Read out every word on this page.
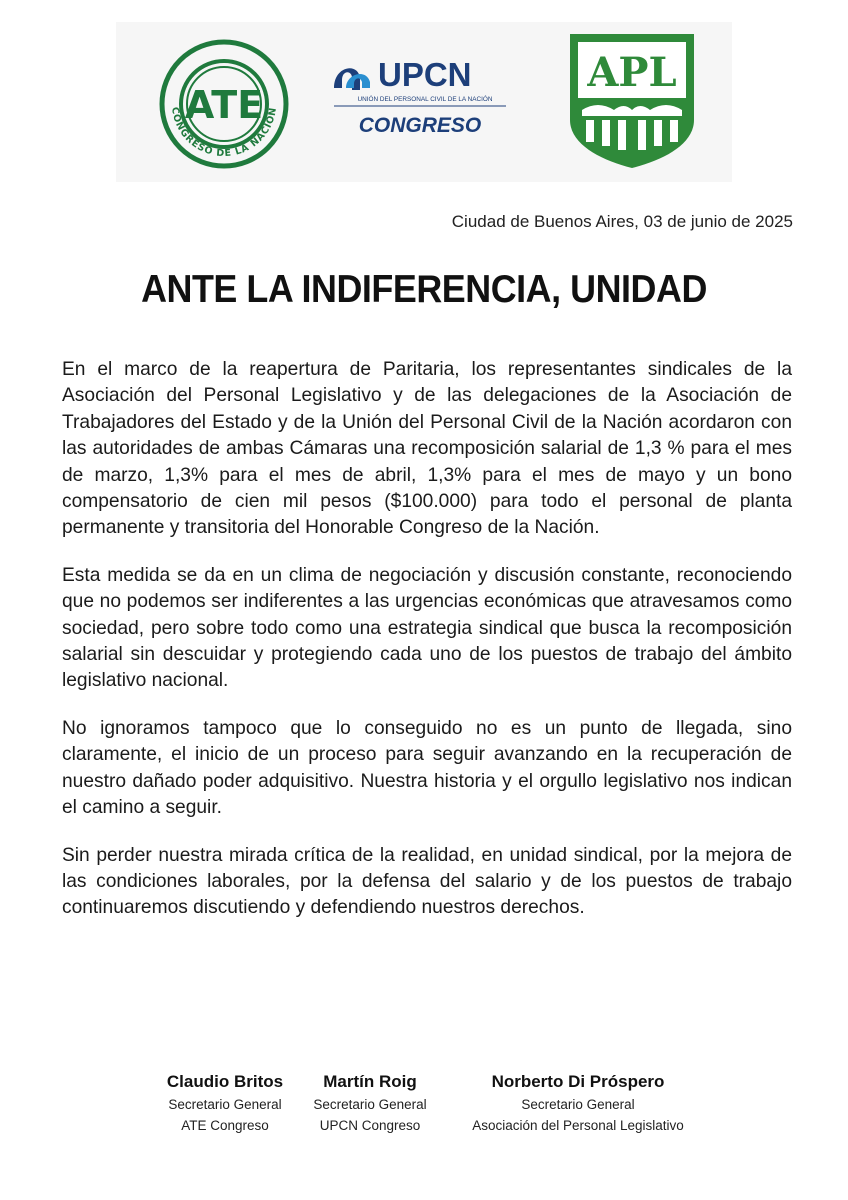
ATE
CONGRESO DE LA NACIÓN
UPCN
UNIÓN DEL PERSONAL CIVIL DE LA NACIÓN
CONGRESO
APL
Ciudad de Buenos Aires, 03 de junio de 2025
ANTE LA INDIFERENCIA, UNIDAD

En el marco de la reapertura de Paritaria, los representantes sindicales de la Asociación del Personal Legislativo y de las delegaciones de la Asociación de Trabajadores del Estado y de la Unión del Personal Civil de la Nación acordaron con las autoridades de ambas Cámaras una recomposición salarial de 1,3 % para el mes de marzo, 1,3% para el mes de abril, 1,3% para el mes de mayo y un bono compensatorio de cien mil pesos ($100.000) para todo el personal de planta permanente y transitoria del Honorable Congreso de la Nación.

Esta medida se da en un clima de negociación y discusión constante, reconociendo que no podemos ser indiferentes a las urgencias económicas que atravesamos como sociedad, pero sobre todo como una estrategia sindical que busca la recomposición salarial sin descuidar y protegiendo cada uno de los puestos de trabajo del ámbito legislativo nacional.

No ignoramos tampoco que lo conseguido no es un punto de llegada, sino claramente, el inicio de un proceso para seguir avanzando en la recuperación de nuestro dañado poder adquisitivo. Nuestra historia y el orgullo legislativo nos indican el camino a seguir.

Sin perder nuestra mirada crítica de la realidad, en unidad sindical, por la mejora de las condiciones laborales, por la defensa del salario y de los puestos de trabajo continuaremos discutiendo y defendiendo nuestros derechos.

Claudio Britos
Secretario General
ATE Congreso
Martín Roig
Secretario General
UPCN Congreso
Norberto Di Próspero
Secretario General
Asociación del Personal Legislativo
